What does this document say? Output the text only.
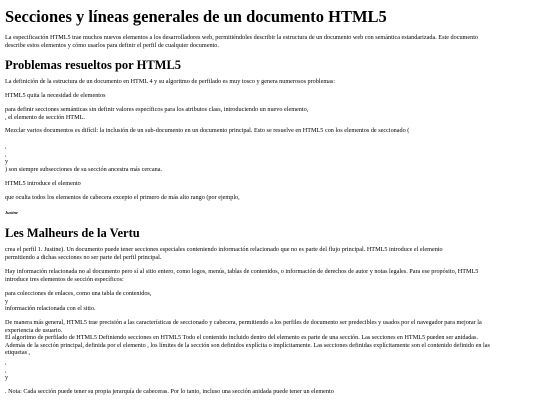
Secciones y líneas generales de un documento HTML5

La especificación HTML5 trae muchos nuevos elementos a los desarrolladores web, permitiéndoles describir la estructura de un documento web con semántica estandarizada. Este documento
describe estos elementos y cómo usarlos para definir el perfil de cualquier documento.

Problemas resueltos por HTML5

La definición de la estructura de un documento en HTML 4 y su algoritmo de perfilado es muy tosco y genera numerosos problemas:

HTML5 quita la necesidad de elementos

para definir secciones semánticas sin definir valores específicos para los atributos class, introduciendo un nuevo elemento,
, el elemento de sección HTML.

Mezclar varios documentos es difícil: la inclusión de un sub-documento en un documento principal. Esto se resuelve en HTML5 con los elementos de seccionado (

,
,
y

) son siempre subsecciones de su sección ancestra más cercana.

HTML5 introduce el elemento

que oculta todos los elementos de cabecera excepto el primero de más alto rango (por ejemplo,

Justine

Les Malheurs de la Vertu

crea el perfil 1. Justine). Un documento puede tener secciones especiales conteniendo información relacionado que no es parte del flujo principal. HTML5 introduce el elemento
permitiendo a dichas secciones no ser parte del perfil principal.

Hay información relacionada no al documento pero sí al sitio entero, como logos, menús, tablas de contenidos, o información de derechos de autor y notas legales. Para ese propósito, HTML5
introduce tres elementos de sección específicos:

para colecciones de enlaces, como una tabla de contenidos,
y
información relacionada con el sitio.

De manera más general, HTML5 trae precisión a las características de seccionado y cabecera, permitiendo a los perfiles de documento ser predecibles y usados por el navegador para mejorar la
experiencia de usuario.
El algoritmo de perfilado de HTML5 Definiendo secciones en HTML5 Todo el contenido incluido dentro del elemento es parte de una sección. Las secciones en HTML5 pueden ser anidadas.
Además de la sección principal, definida por el elemento , los límites de la sección son definidos explícita o implícitamente. Las secciones definidas explícitamente son el contenido definido en las
etiquetas ,

,
,
y

. Nota: Cada sección puede tener su propia jerarquía de cabeceras. Por lo tanto, incluso una sección anidada puede tener un elemento
